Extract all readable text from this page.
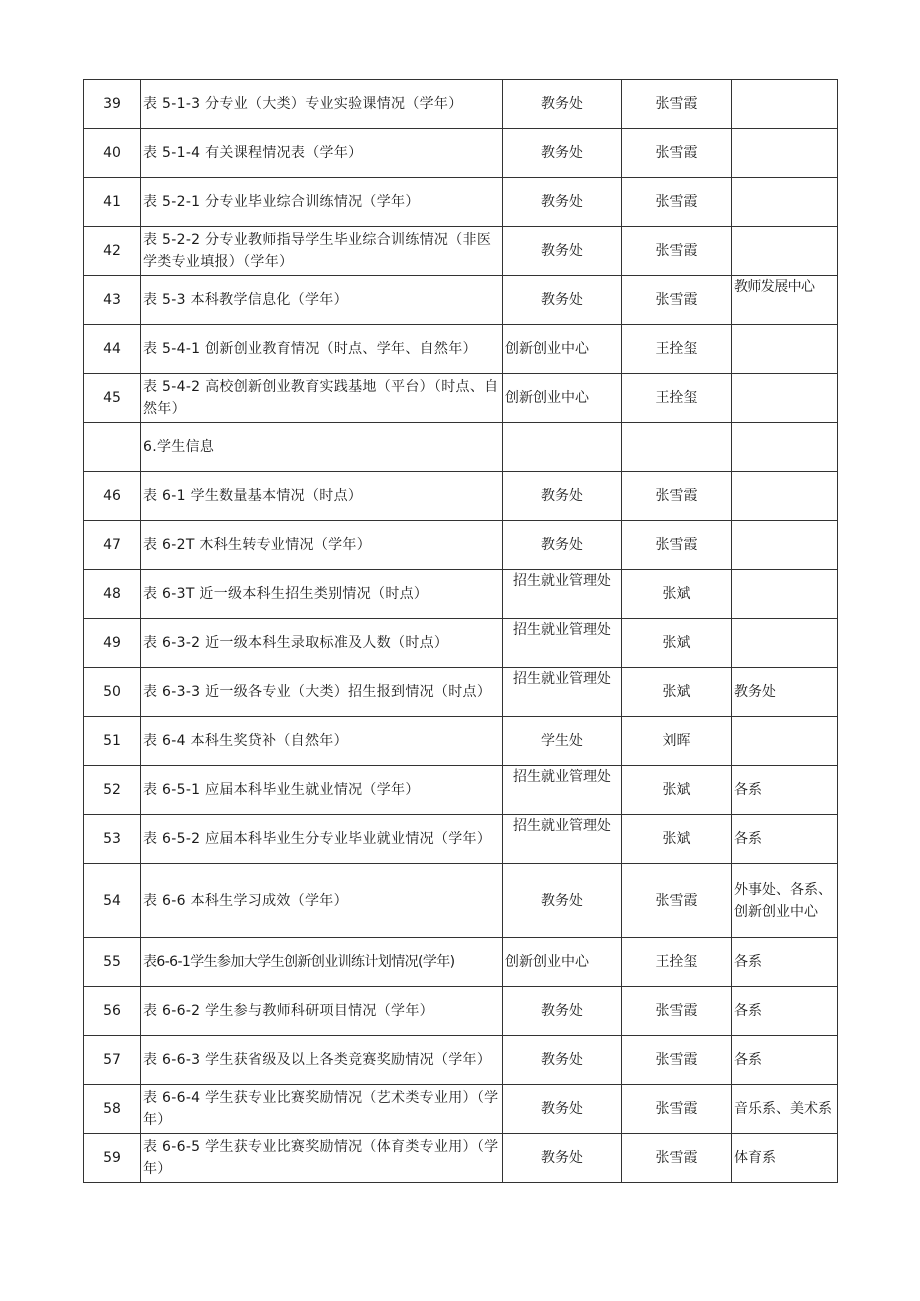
39	表 5-1-3 分专业（大类）专业实验课情况（学年）	教务处	张雪霞	
40	表 5-1-4 有关课程情况表（学年）	教务处	张雪霞	
41	表 5-2-1 分专业毕业综合训练情况（学年）	教务处	张雪霞	
42	表 5-2-2 分专业教师指导学生毕业综合训练情况（非医学类专业填报）（学年）	教务处	张雪霞	
43	表 5-3 本科教学信息化（学年）	教务处	张雪霞	教师发展中心
44	表 5-4-1 创新创业教育情况（时点、学年、自然年）	创新创业中心	王拴玺	
45	表 5-4-2 高校创新创业教育实践基地（平台）（时点、自然年）	创新创业中心	王拴玺	
	6.学生信息			
46	表 6-1 学生数量基本情况（时点）	教务处	张雪霞	
47	表 6-2T 木科生转专业情况（学年）	教务处	张雪霞	
48	表 6-3T 近一级本科生招生类别情况（时点）	招生就业管理处	张斌	
49	表 6-3-2 近一级本科生录取标准及人数（时点）	招生就业管理处	张斌	
50	表 6-3-3 近一级各专业（大类）招生报到情况（时点）	招生就业管理处	张斌	教务处
51	表 6-4 本科生奖贷补（自然年）	学生处	刘晖	
52	表 6-5-1 应届本科毕业生就业情况（学年）	招生就业管理处	张斌	各系
53	表 6-5-2 应届本科毕业生分专业毕业就业情况（学年）	招生就业管理处	张斌	各系
54	表 6-6 本科生学习成效（学年）	教务处	张雪霞	外事处、各系、创新创业中心
55	表6-6-1学生参加大学生创新创业训练计划情况(学年)	创新创业中心	王拴玺	各系
56	表 6-6-2 学生参与教师科研项目情况（学年）	教务处	张雪霞	各系
57	表 6-6-3 学生获省级及以上各类竞赛奖励情况（学年）	教务处	张雪霞	各系
58	表 6-6-4 学生获专业比赛奖励情况（艺术类专业用）（学年）	教务处	张雪霞	音乐系、美术系
59	表 6-6-5 学生获专业比赛奖励情况（体育类专业用）（学年）	教务处	张雪霞	体育系
